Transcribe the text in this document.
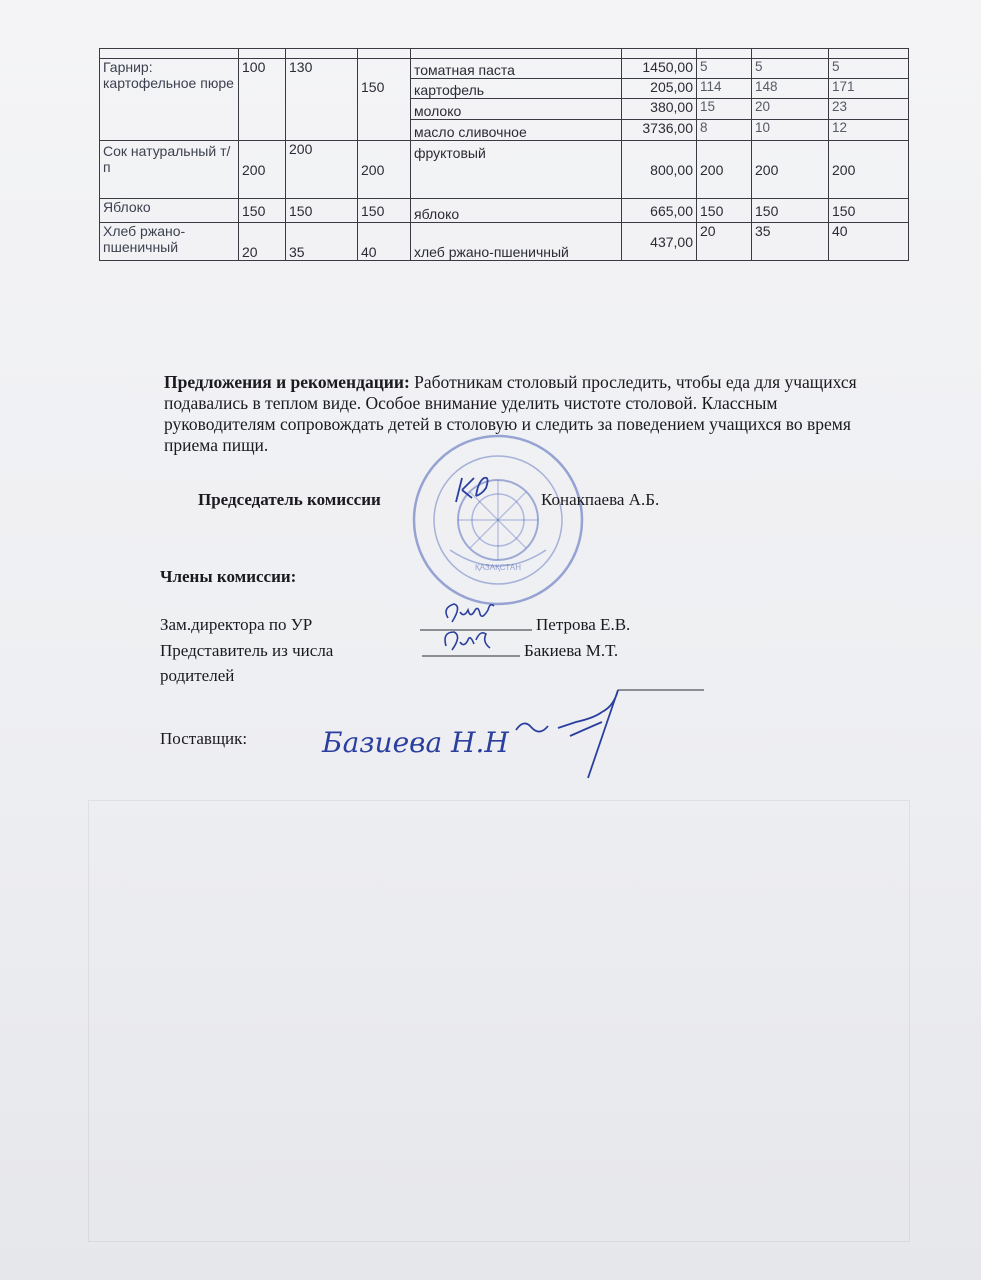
Гарнир: картофельное пюре	100	130	150	томатная паста	1450,00	5	5	5
				картофель	205,00	114	148	171
				молоко	380,00	15	20	23
				масло сливочное	3736,00	8	10	12
Сок натуральный т/п	200	200	200	фруктовый	800,00	200	200	200
Яблоко	150	150	150	яблоко	665,00	150	150	150
Хлеб ржано-пшеничный	20	35	40	хлеб ржано-пшеничный	437,00	20	35	40
ҚАЗАҚСТАН
Предложения и рекомендации: Работникам столовый проследить, чтобы еда для учащихся подавались в теплом виде. Особое внимание уделить чистоте столовой. Классным руководителям сопровождать детей в столовую и следить за поведением учащихся во время приема пищи.
Председатель комиссии	Конакпаева А.Б.
Члены комиссии:
Зам.директора по УР	Петрова Е.В.
Представитель из числа
родителей
Бакиева М.Т.
Поставщик:	Базиева Н.Н
